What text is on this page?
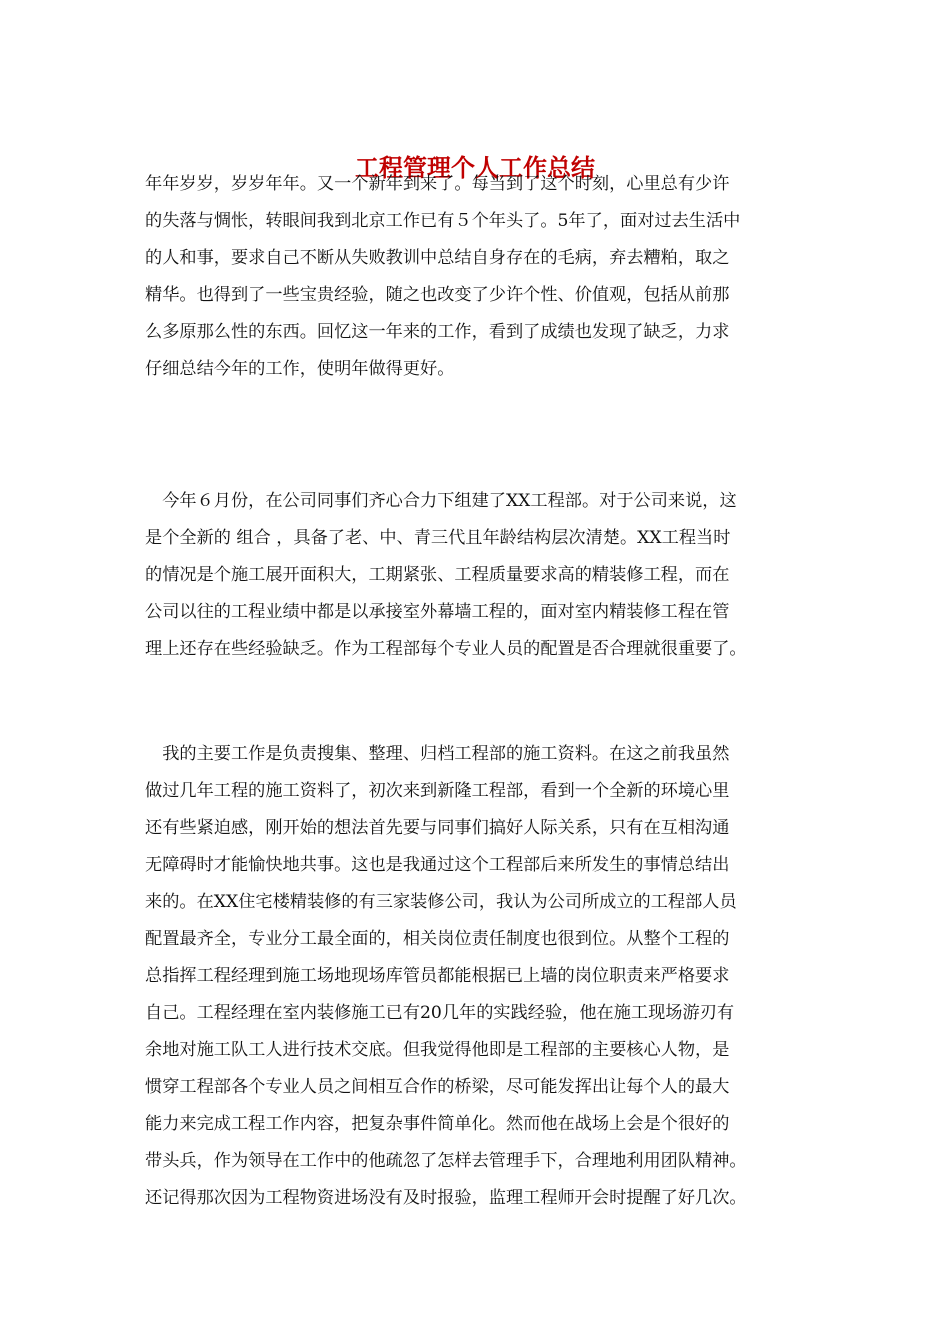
工程管理个人工作总结
年年岁岁，岁岁年年。又一个新年到来了。每当到了这个时刻，心里总有少许
的失落与惆怅，转眼间我到北京工作已有５个年头了。5年了，面对过去生活中
的人和事，要求自己不断从失败教训中总结自身存在的毛病，弃去糟粕，取之
精华。也得到了一些宝贵经验，随之也改变了少许个性、价值观，包括从前那
么多原那么性的东西。回忆这一年来的工作，看到了成绩也发现了缺乏，力求
仔细总结今年的工作，使明年做得更好。
　今年６月份，在公司同事们齐心合力下组建了XX工程部。对于公司来说，这
是个全新的 组合 ，具备了老、中、青三代且年龄结构层次清楚。XX工程当时
的情况是个施工展开面积大，工期紧张、工程质量要求高的精装修工程，而在
公司以往的工程业绩中都是以承接室外幕墙工程的，面对室内精装修工程在管
理上还存在些经验缺乏。作为工程部每个专业人员的配置是否合理就很重要了。
　我的主要工作是负责搜集、整理、归档工程部的施工资料。在这之前我虽然
做过几年工程的施工资料了，初次来到新隆工程部，看到一个全新的环境心里
还有些紧迫感，刚开始的想法首先要与同事们搞好人际关系，只有在互相沟通
无障碍时才能愉快地共事。这也是我通过这个工程部后来所发生的事情总结出
来的。在XX住宅楼精装修的有三家装修公司，我认为公司所成立的工程部人员
配置最齐全，专业分工最全面的，相关岗位责任制度也很到位。从整个工程的
总指挥工程经理到施工场地现场库管员都能根据已上墙的岗位职责来严格要求
自己。工程经理在室内装修施工已有20几年的实践经验，他在施工现场游刃有
余地对施工队工人进行技术交底。但我觉得他即是工程部的主要核心人物，是
惯穿工程部各个专业人员之间相互合作的桥梁，尽可能发挥出让每个人的最大
能力来完成工程工作内容，把复杂事件简单化。然而他在战场上会是个很好的
带头兵，作为领导在工作中的他疏忽了怎样去管理手下，合理地利用团队精神。
还记得那次因为工程物资进场没有及时报验，监理工程师开会时提醒了好几次。
